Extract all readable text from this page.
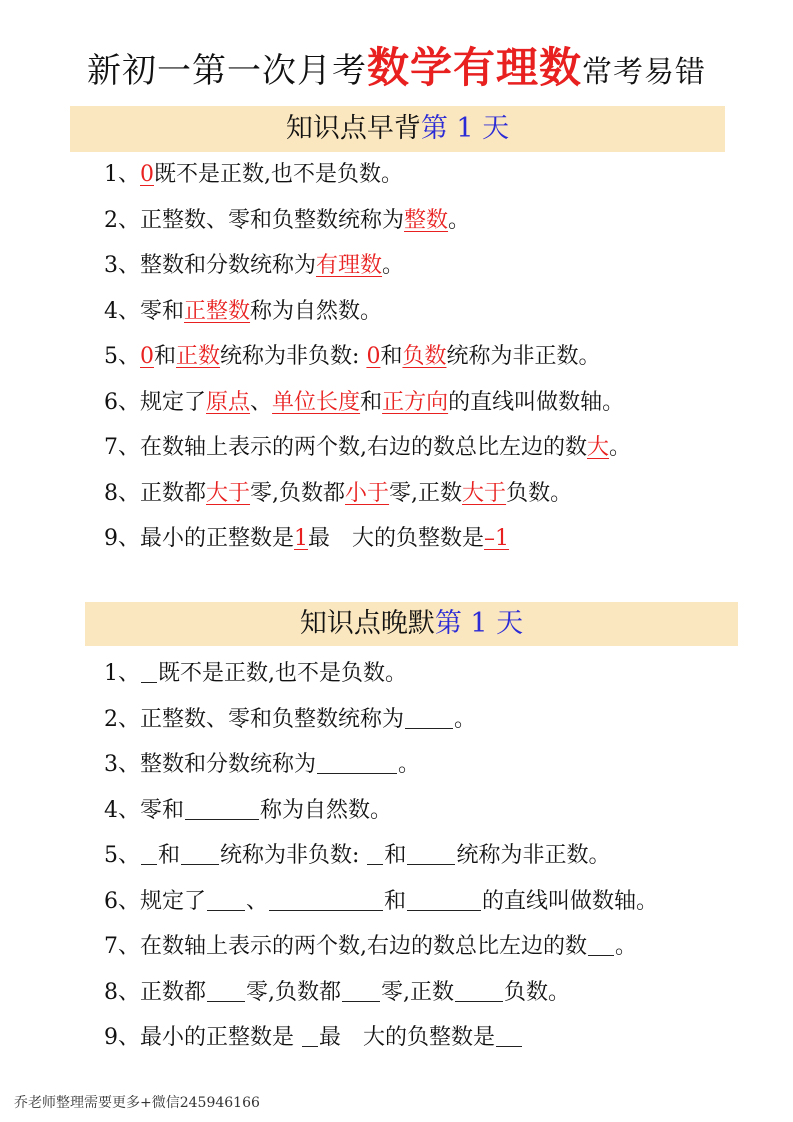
新初一第一次月考数学有理数常考易错
知识点早背第 1 天
1、0既不是正数,也不是负数。
2、正整数、零和负整数统称为整数。
3、整数和分数统称为有理数。
4、零和正整数称为自然数。
5、0和正数统称为非负数: 0和负数统称为非正数。
6、规定了原点、单位长度和正方向的直线叫做数轴。
7、在数轴上表示的两个数,右边的数总比左边的数大。
8、正数都大于零,负数都小于零,正数大于负数。
9、最小的正整数是1最　大的负整数是–1
知识点晚默第 1 天
1、 既不是正数,也不是负数。
2、正整数、零和负整数统称为 。
3、整数和分数统称为	。
4、零和	称为自然数。
5、 和 统称为非负数: 和 统称为非正数。
6、规定了 、	和	的直线叫做数轴。
7、在数轴上表示的两个数,右边的数总比左边的数 。
8、正数都 零,负数都 零,正数 负数。
9、最小的正整数是 最　大的负整数是
乔老师整理需要更多+微信245946166
